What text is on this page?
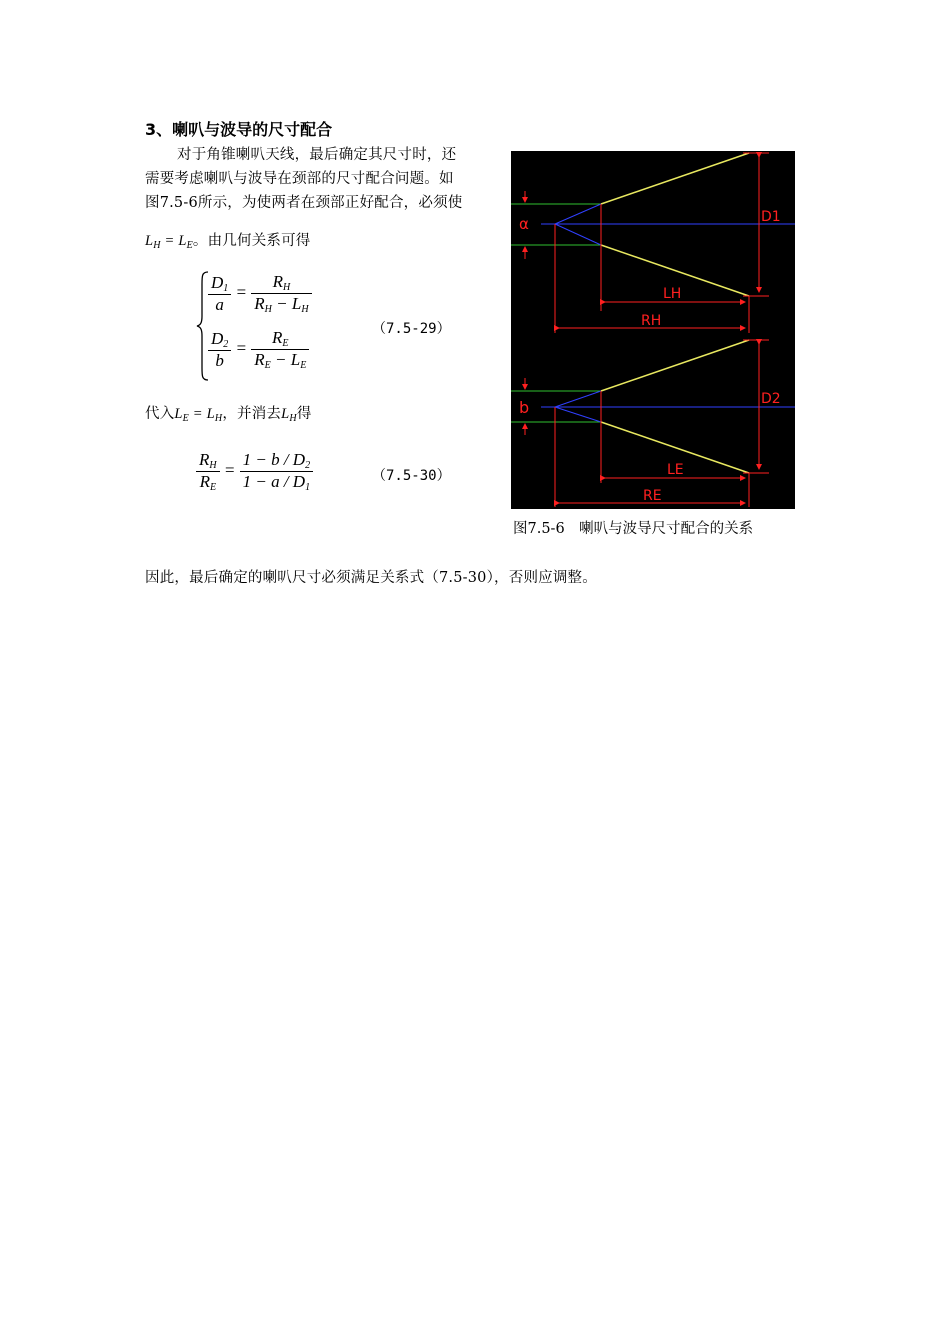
3、喇叭与波导的尺寸配合
对于角锥喇叭天线，最后确定其尺寸时，还
需要考虑喇叭与波导在颈部的尺寸配合问题。如
图7.5-6所示，为使两者在颈部正好配合，必须使
$L_H = L_E$。由几何关系可得
$\frac{D_1}{a} = \frac{R_H}{R_H - L_H}$
$\frac{D_2}{b} = \frac{R_E}{R_E - L_E}$	（7.5-29）
代入$L_E = L_H$，并消去$L_H$得
$\frac{R_H}{R_E} = \frac{1 - b / D_2}{1 - a / D_1}$	（7.5-30）
D1
LH
RH
α
D2
LE
RE
b
图7.5-6　喇叭与波导尺寸配合的关系
因此，最后确定的喇叭尺寸必须满足关系式（7.5-30），否则应调整。
